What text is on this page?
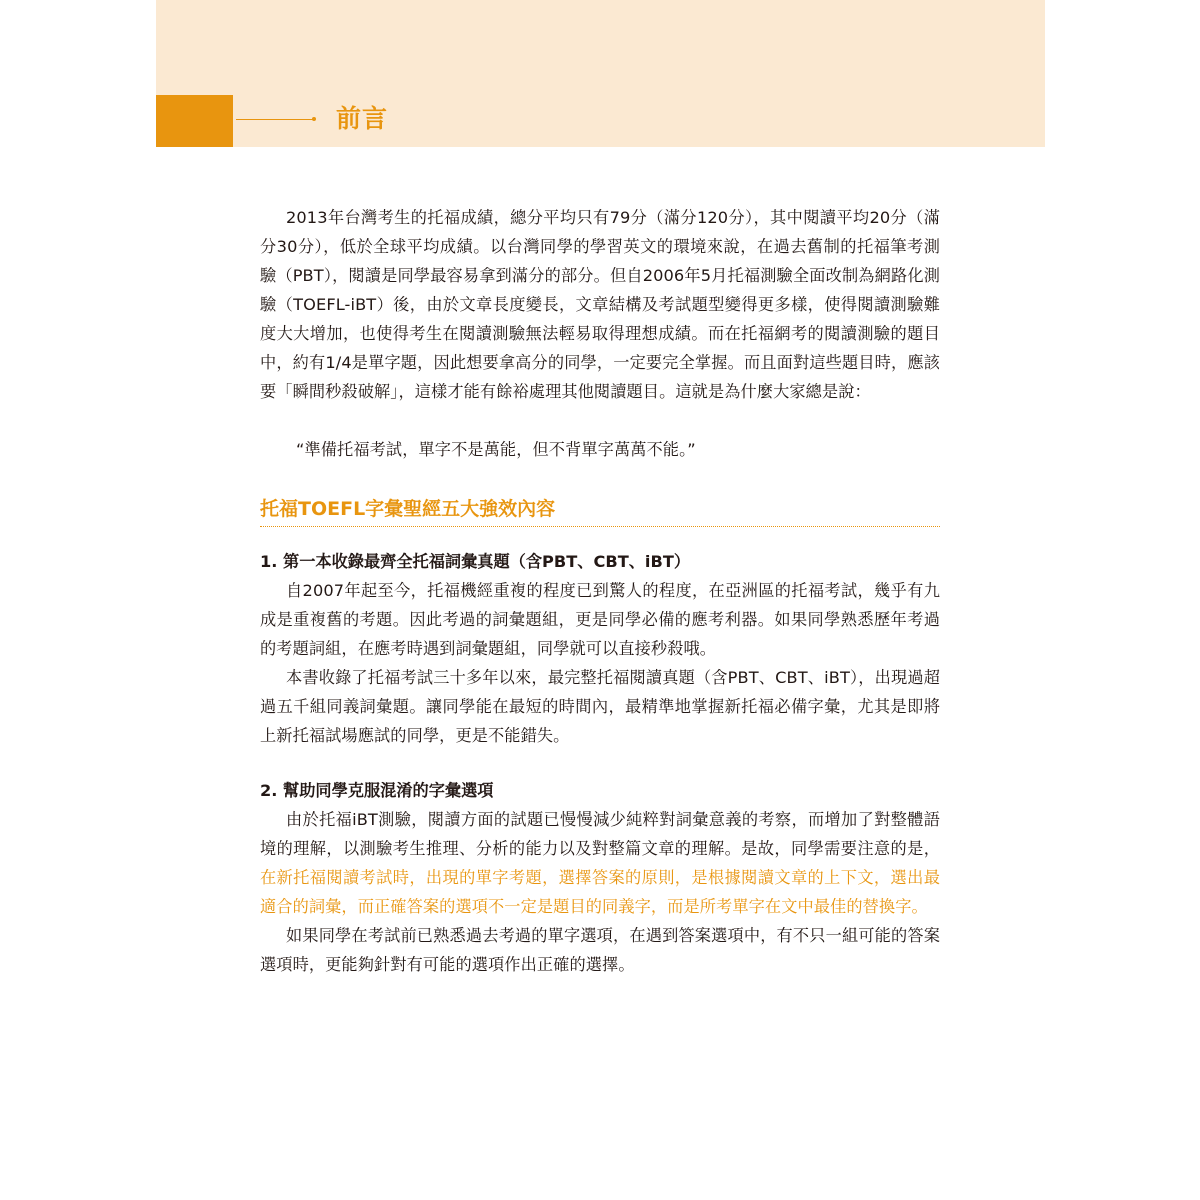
前言

2013年台灣考生的托福成績，總分平均只有79分（滿分120分），其中閱讀平均20分（滿分30分），低於全球平均成績。以台灣同學的學習英文的環境來說，在過去舊制的托福筆考測驗（PBT），閱讀是同學最容易拿到滿分的部分。但自2006年5月托福測驗全面改制為網路化測驗（TOEFL-iBT）後，由於文章長度變長，文章結構及考試題型變得更多樣，使得閱讀測驗難度大大增加，也使得考生在閱讀測驗無法輕易取得理想成績。而在托福網考的閱讀測驗的題目中，約有1/4是單字題，因此想要拿高分的同學，一定要完全掌握。而且面對這些題目時，應該要「瞬間秒殺破解」，這樣才能有餘裕處理其他閱讀題目。這就是為什麼大家總是說：

“準備托福考試，單字不是萬能，但不背單字萬萬不能。”

托福TOEFL字彙聖經五大強效內容
1. 第一本收錄最齊全托福詞彙真題（含PBT、CBT、iBT）

自2007年起至今，托福機經重複的程度已到驚人的程度，在亞洲區的托福考試，幾乎有九成是重複舊的考題。因此考過的詞彙題組，更是同學必備的應考利器。如果同學熟悉歷年考過的考題詞組，在應考時遇到詞彙題組，同學就可以直接秒殺哦。

本書收錄了托福考試三十多年以來，最完整托福閱讀真題（含PBT、CBT、iBT），出現過超過五千組同義詞彙題。讓同學能在最短的時間內，最精準地掌握新托福必備字彙，尤其是即將上新托福試場應試的同學，更是不能錯失。

2. 幫助同學克服混淆的字彙選項

由於托福iBT測驗，閱讀方面的試題已慢慢減少純粹對詞彙意義的考察，而增加了對整體語境的理解，以測驗考生推理、分析的能力以及對整篇文章的理解。是故，同學需要注意的是，在新托福閱讀考試時，出現的單字考題，選擇答案的原則，是根據閱讀文章的上下文，選出最適合的詞彙，而正確答案的選項不一定是題目的同義字，而是所考單字在文中最佳的替換字。

如果同學在考試前已熟悉過去考過的單字選項，在遇到答案選項中，有不只一組可能的答案選項時，更能夠針對有可能的選項作出正確的選擇。
